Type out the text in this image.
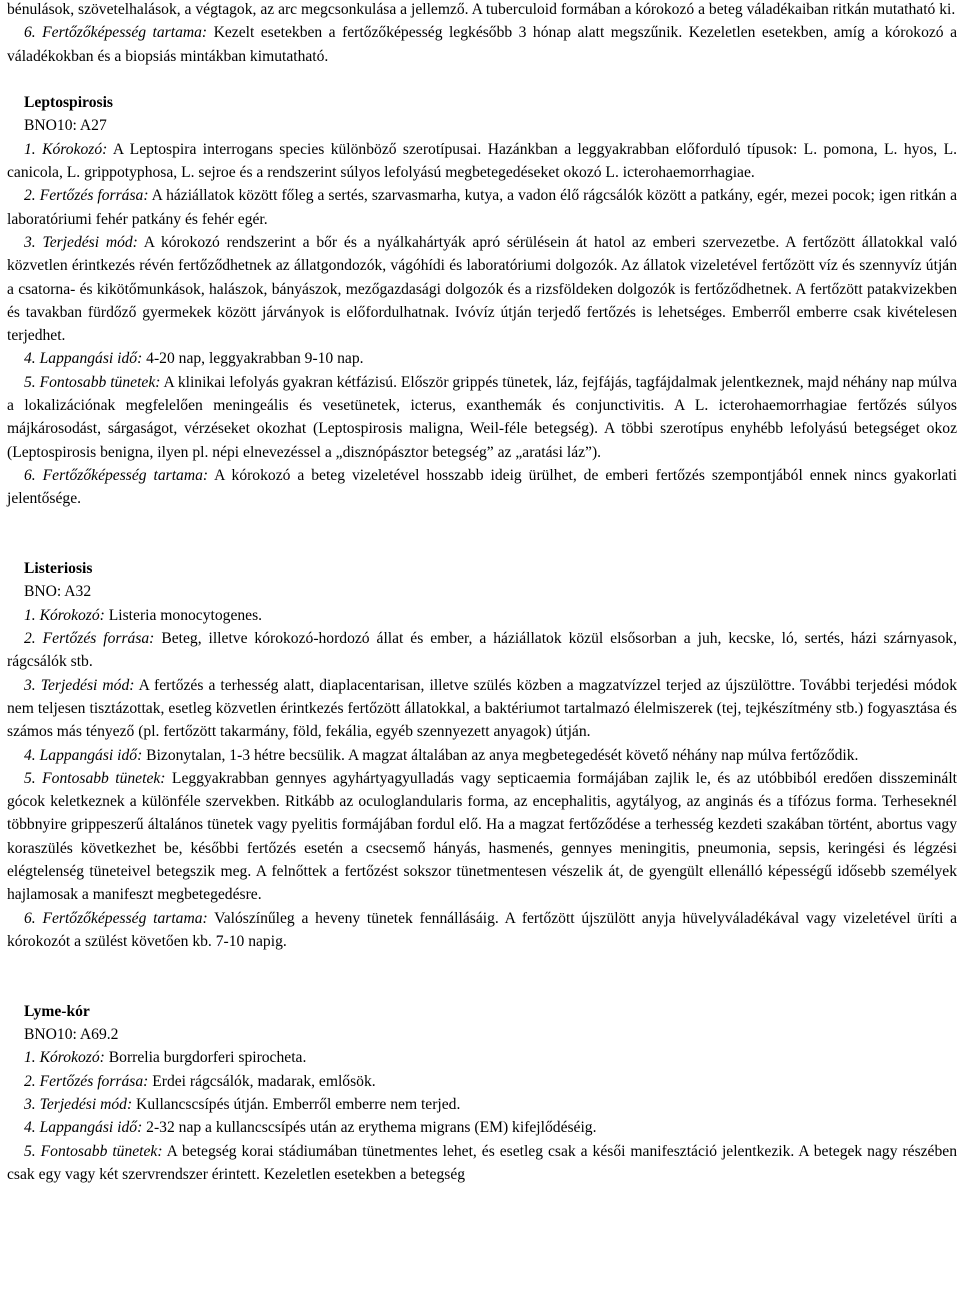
bénulások, szövetelhalások, a végtagok, az arc megcsonkulása a jellemző. A tuberculoid formában a kórokozó a beteg váladékaiban ritkán mutatható ki.

6. Fertőzőképesség tartama: Kezelt esetekben a fertőzőképesség legkésőbb 3 hónap alatt megszűnik. Kezeletlen esetekben, amíg a kórokozó a váladékokban és a biopsiás mintákban kimutatható.

Leptospirosis

BNO10: A27

1. Kórokozó: A Leptospira interrogans species különböző szerotípusai. Hazánkban a leggyakrabban előforduló típusok: L. pomona, L. hyos, L. canicola, L. grippotyphosa, L. sejroe és a rendszerint súlyos lefolyású megbetegedéseket okozó L. icterohaemorrhagiae.

2. Fertőzés forrása: A háziállatok között főleg a sertés, szarvasmarha, kutya, a vadon élő rágcsálók között a patkány, egér, mezei pocok; igen ritkán a laboratóriumi fehér patkány és fehér egér.

3. Terjedési mód: A kórokozó rendszerint a bőr és a nyálkahártyák apró sérülésein át hatol az emberi szervezetbe. A fertőzött állatokkal való közvetlen érintkezés révén fertőződhetnek az állatgondozók, vágóhídi és laboratóriumi dolgozók. Az állatok vizeletével fertőzött víz és szennyvíz útján a csatorna- és kikötőmunkások, halászok, bányászok, mezőgazdasági dolgozók és a rizsföldeken dolgozók is fertőződhetnek. A fertőzött patakvizekben és tavakban fürdőző gyermekek között járványok is előfordulhatnak. Ivóvíz útján terjedő fertőzés is lehetséges. Emberről emberre csak kivételesen terjedhet.

4. Lappangási idő: 4-20 nap, leggyakrabban 9-10 nap.

5. Fontosabb tünetek: A klinikai lefolyás gyakran kétfázisú. Először grippés tünetek, láz, fejfájás, tagfájdalmak jelentkeznek, majd néhány nap múlva a lokalizációnak megfelelően meningeális és vesetünetek, icterus, exanthemák és conjunctivitis. A L. icterohaemorrhagiae fertőzés súlyos májkárosodást, sárgaságot, vérzéseket okozhat (Leptospirosis maligna, Weil-féle betegség). A többi szerotípus enyhébb lefolyású betegséget okoz (Leptospirosis benigna, ilyen pl. népi elnevezéssel a „disznópásztor betegség” az „aratási láz”).

6. Fertőzőképesség tartama: A kórokozó a beteg vizeletével hosszabb ideig ürülhet, de emberi fertőzés szempontjából ennek nincs gyakorlati jelentősége.

Listeriosis

BNO: A32

1. Kórokozó: Listeria monocytogenes.

2. Fertőzés forrása: Beteg, illetve kórokozó-hordozó állat és ember, a háziállatok közül elsősorban a juh, kecske, ló, sertés, házi szárnyasok, rágcsálók stb.

3. Terjedési mód: A fertőzés a terhesség alatt, diaplacentarisan, illetve szülés közben a magzatvízzel terjed az újszülöttre. További terjedési módok nem teljesen tisztázottak, esetleg közvetlen érintkezés fertőzött állatokkal, a baktériumot tartalmazó élelmiszerek (tej, tejkészítmény stb.) fogyasztása és számos más tényező (pl. fertőzött takarmány, föld, fekália, egyéb szennyezett anyagok) útján.

4. Lappangási idő: Bizonytalan, 1-3 hétre becsülik. A magzat általában az anya megbetegedését követő néhány nap múlva fertőződik.

5. Fontosabb tünetek: Leggyakrabban gennyes agyhártyagyulladás vagy septicaemia formájában zajlik le, és az utóbbiból eredően disszeminált gócok keletkeznek a különféle szervekben. Ritkább az oculoglandularis forma, az encephalitis, agytályog, az anginás és a tífózus forma. Terheseknél többnyire grippeszerű általános tünetek vagy pyelitis formájában fordul elő. Ha a magzat fertőződése a terhesség kezdeti szakában történt, abortus vagy koraszülés következhet be, későbbi fertőzés esetén a csecsemő hányás, hasmenés, gennyes meningitis, pneumonia, sepsis, keringési és légzési elégtelenség tüneteivel betegszik meg. A felnőttek a fertőzést sokszor tünetmentesen vészelik át, de gyengült ellenálló képességű idősebb személyek hajlamosak a manifeszt megbetegedésre.

6. Fertőzőképesség tartama: Valószínűleg a heveny tünetek fennállásáig. A fertőzött újszülött anyja hüvelyváladékával vagy vizeletével üríti a kórokozót a szülést követően kb. 7-10 napig.

Lyme-kór

BNO10: A69.2

1. Kórokozó: Borrelia burgdorferi spirocheta.

2. Fertőzés forrása: Erdei rágcsálók, madarak, emlősök.

3. Terjedési mód: Kullancscsípés útján. Emberről emberre nem terjed.

4. Lappangási idő: 2-32 nap a kullancscsípés után az erythema migrans (EM) kifejlődéséig.

5. Fontosabb tünetek: A betegség korai stádiumában tünetmentes lehet, és esetleg csak a késői manifesztáció jelentkezik. A betegek nagy részében csak egy vagy két szervrendszer érintett. Kezeletlen esetekben a betegség
